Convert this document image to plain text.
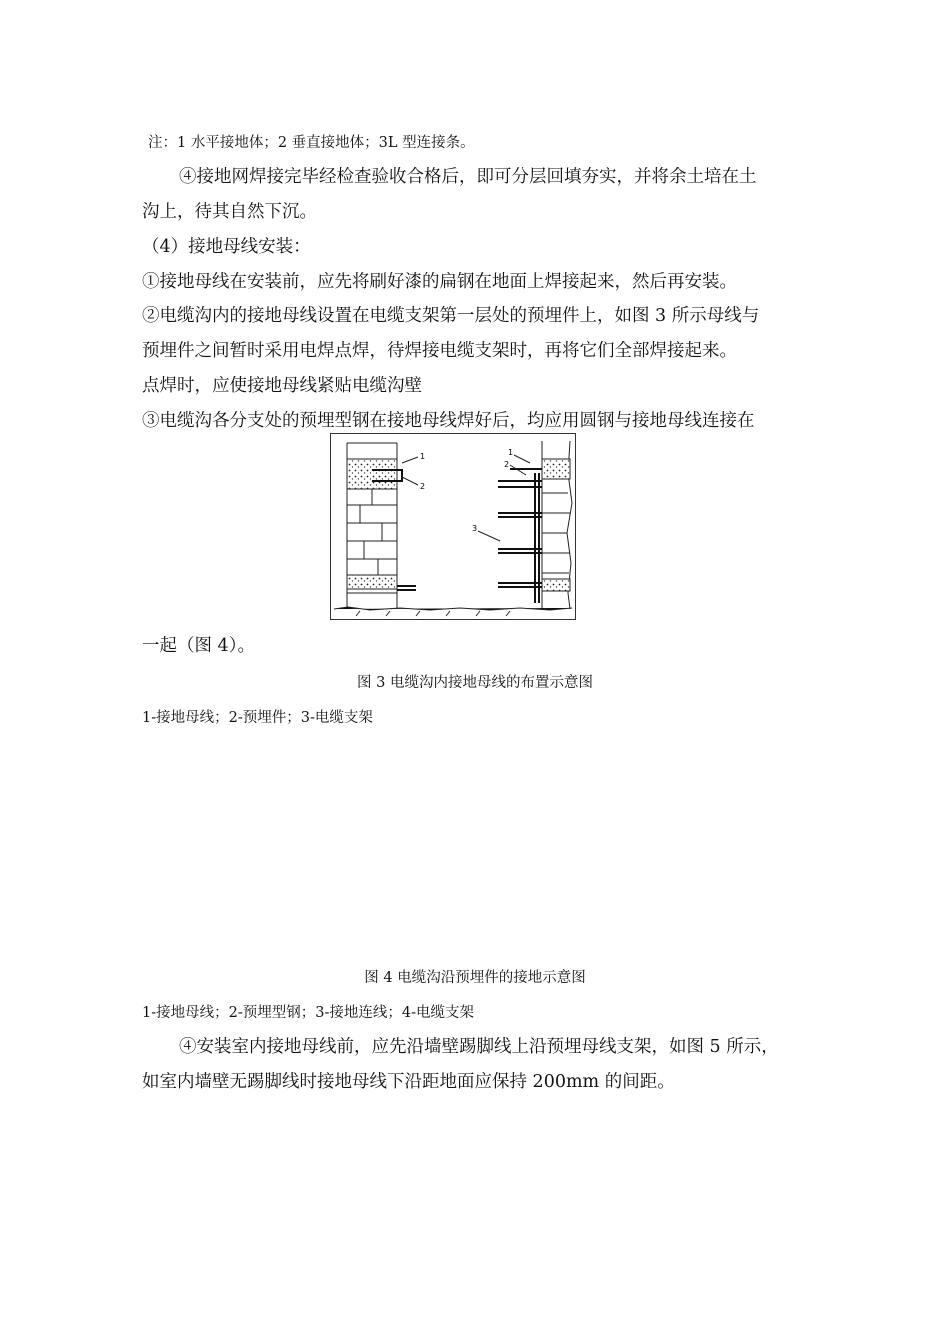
注：1 水平接地体；2 垂直接地体；3L 型连接条。
④接地网焊接完毕经检查验收合格后，即可分层回填夯实，并将余土培在土
沟上，待其自然下沉。
（4）接地母线安装：
①接地母线在安装前，应先将刷好漆的扁钢在地面上焊接起来，然后再安装。
②电缆沟内的接地母线设置在电缆支架第一层处的预埋件上，如图 3 所示母线与
预埋件之间暂时采用电焊点焊，待焊接电缆支架时，再将它们全部焊接起来。
点焊时，应使接地母线紧贴电缆沟壁
③电缆沟各分支处的预埋型钢在接地母线焊好后，均应用圆钢与接地母线连接在
1
2
1
2
3
一起（图 4）。
图 3 电缆沟内接地母线的布置示意图
1-接地母线；2-预埋件；3-电缆支架
图 4 电缆沟沿预埋件的接地示意图
1-接地母线；2-预埋型钢；3-接地连线；4-电缆支架
④安装室内接地母线前，应先沿墙壁踢脚线上沿预埋母线支架，如图 5 所示，
如室内墙壁无踢脚线时接地母线下沿距地面应保持 200mm 的间距。
